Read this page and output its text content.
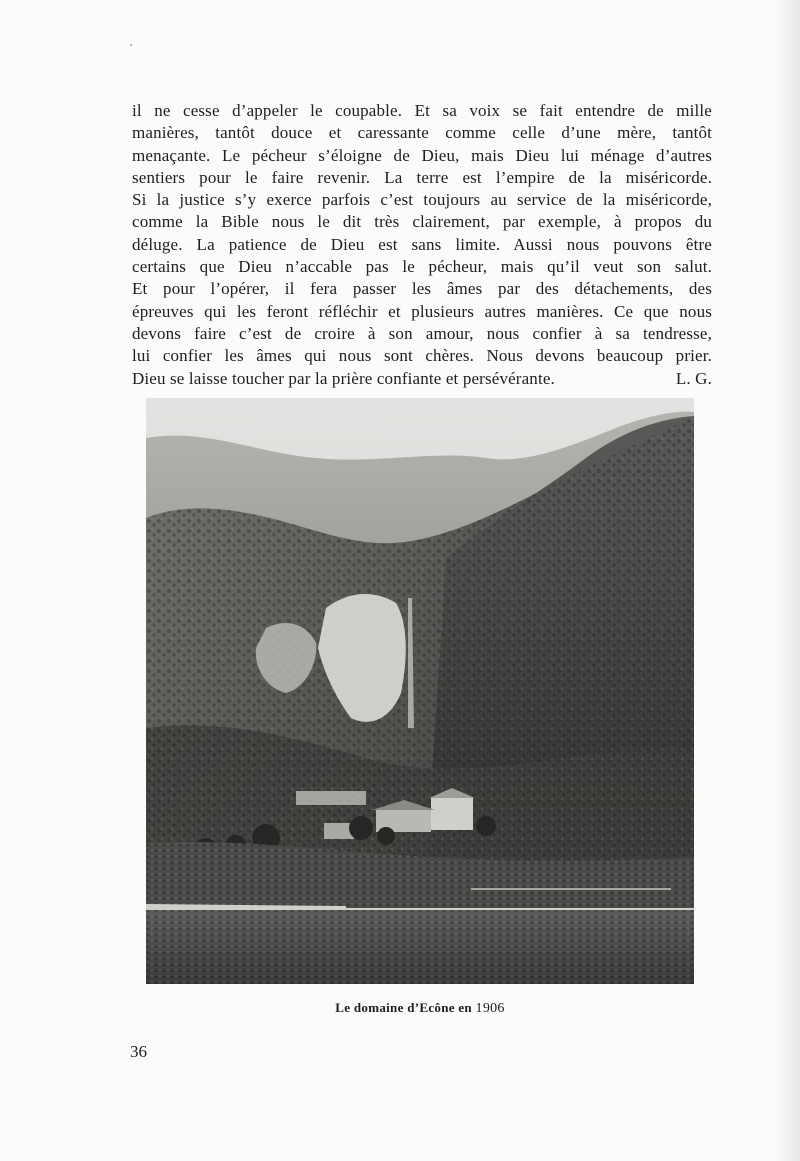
il ne cesse d’appeler le coupable. Et sa voix se fait entendre de mille
manières, tantôt douce et caressante comme celle d’une mère, tantôt
menaçante. Le pécheur s’éloigne de Dieu, mais Dieu lui ménage d’autres
sentiers pour le faire revenir. La terre est l’empire de la miséricorde.
Si la justice s’y exerce parfois c’est toujours au service de la miséricorde,
comme la Bible nous le dit très clairement, par exemple, à propos du
déluge. La patience de Dieu est sans limite. Aussi nous pouvons être
certains que Dieu n’accable pas le pécheur, mais qu’il veut son salut.
Et pour l’opérer, il fera passer les âmes par des détachements, des
épreuves qui les feront réfléchir et plusieurs autres manières. Ce que nous
devons faire c’est de croire à son amour, nous confier à sa tendresse,
lui confier les âmes qui nous sont chères. Nous devons beaucoup prier.
Dieu se laisse toucher par la prière confiante et persévérante.	L. G.

Le domaine d’Ecône en 1906

36
